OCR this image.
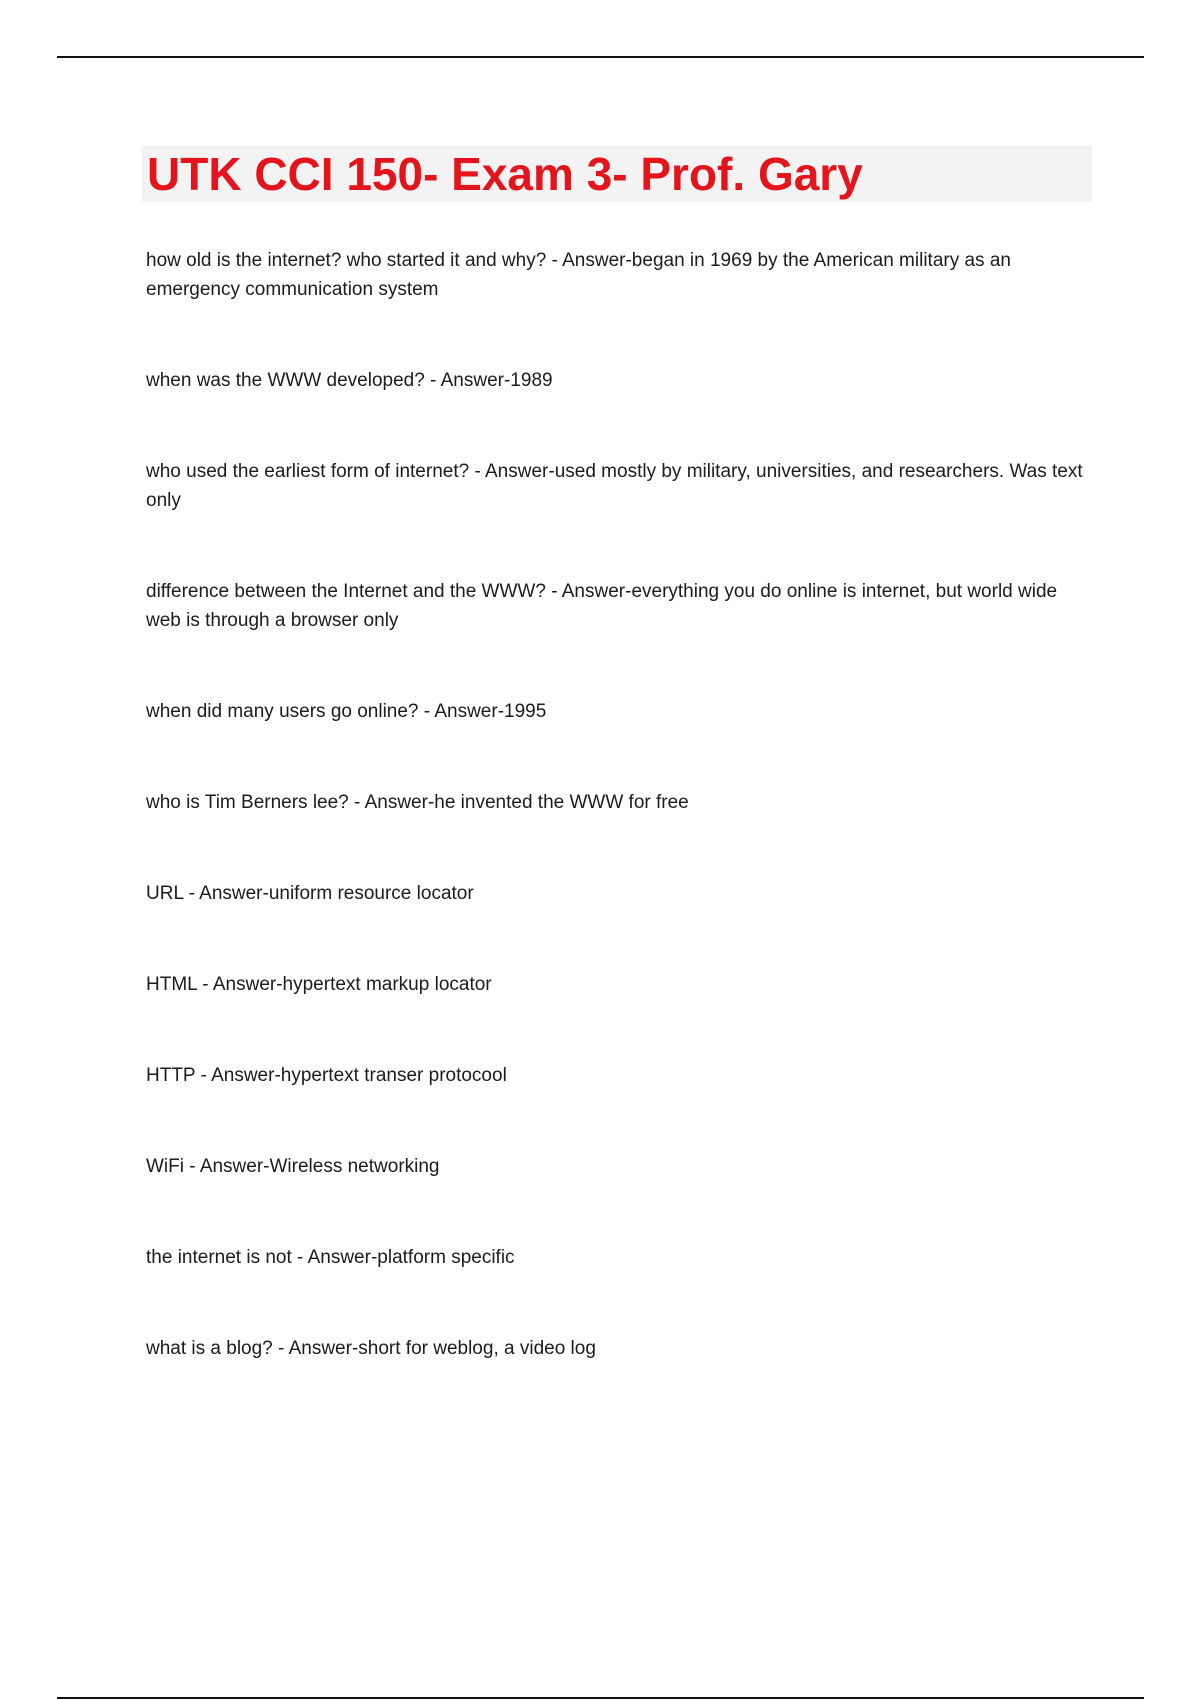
UTK CCI 150- Exam 3- Prof. Gary
how old is the internet? who started it and why? - Answer-began in 1969 by the American military as an emergency communication system
when was the WWW developed? - Answer-1989
who used the earliest form of internet? - Answer-used mostly by military, universities, and researchers. Was text only
difference between the Internet and the WWW? - Answer-everything you do online is internet, but world wide web is through a browser only
when did many users go online? - Answer-1995
who is Tim Berners lee? - Answer-he invented the WWW for free
URL - Answer-uniform resource locator
HTML - Answer-hypertext markup locator
HTTP - Answer-hypertext transer protocool
WiFi - Answer-Wireless networking
the internet is not - Answer-platform specific
what is a blog? - Answer-short for weblog, a video log
